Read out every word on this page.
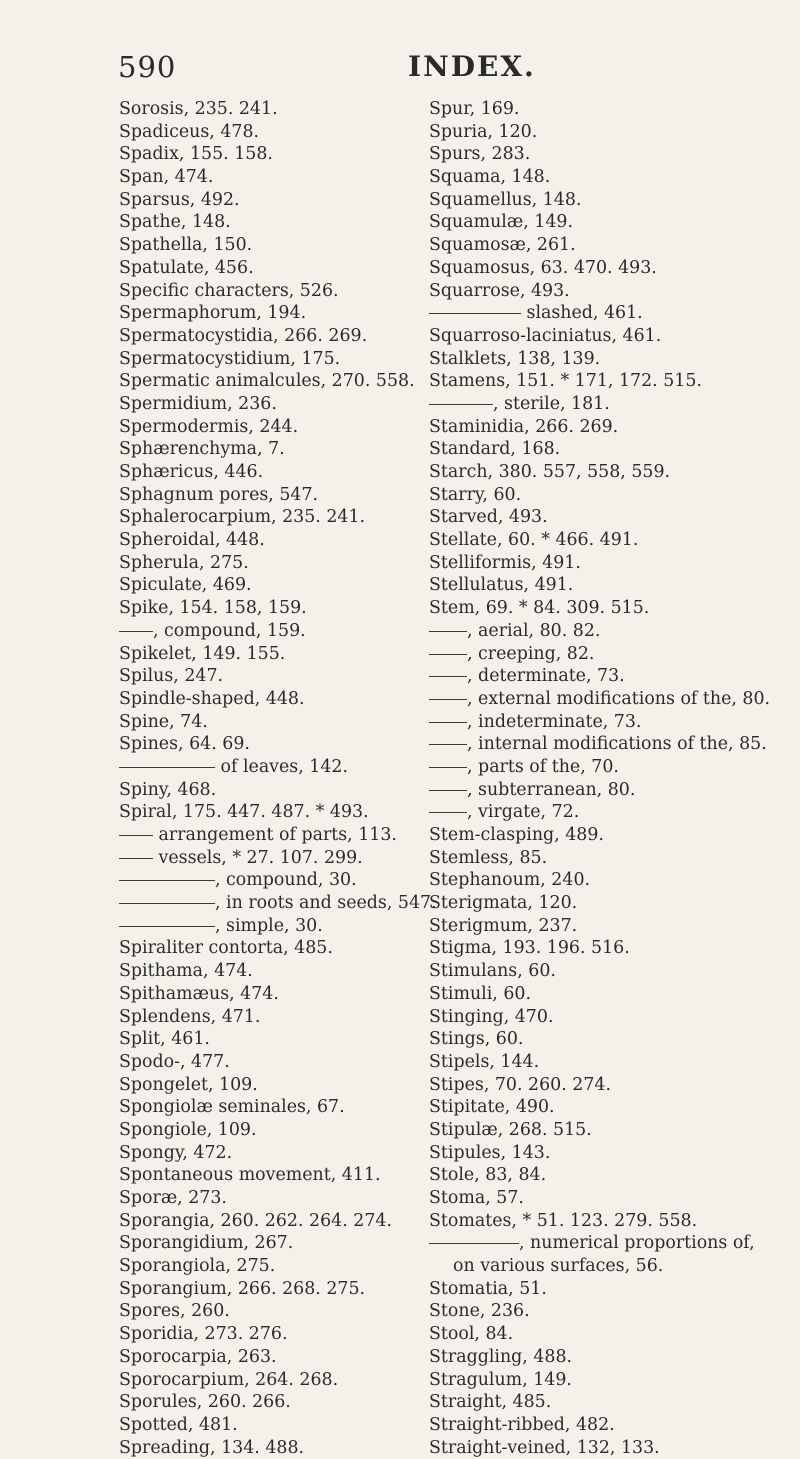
590	INDEX.
Sorosis, 235. 241.
Spadiceus, 478.
Spadix, 155. 158.
Span, 474.
Sparsus, 492.
Spathe, 148.
Spathella, 150.
Spatulate, 456.
Specific characters, 526.
Spermaphorum, 194.
Spermatocystidia, 266. 269.
Spermatocystidium, 175.
Spermatic animalcules, 270. 558.
Spermidium, 236.
Spermodermis, 244.
Sphærenchyma, 7.
Sphæricus, 446.
Sphagnum pores, 547.
Sphalerocarpium, 235. 241.
Spheroidal, 448.
Spherula, 275.
Spiculate, 469.
Spike, 154. 158, 159.
, compound, 159.
Spikelet, 149. 155.
Spilus, 247.
Spindle-shaped, 448.
Spine, 74.
Spines, 64. 69.
of leaves, 142.
Spiny, 468.
Spiral, 175. 447. 487. * 493.
arrangement of parts, 113.
vessels, * 27. 107. 299.
, compound, 30.
, in roots and seeds, 547.
, simple, 30.
Spiraliter contorta, 485.
Spithama, 474.
Spithamæus, 474.
Splendens, 471.
Split, 461.
Spodo-, 477.
Spongelet, 109.
Spongiolæ seminales, 67.
Spongiole, 109.
Spongy, 472.
Spontaneous movement, 411.
Sporæ, 273.
Sporangia, 260. 262. 264. 274.
Sporangidium, 267.
Sporangiola, 275.
Sporangium, 266. 268. 275.
Spores, 260.
Sporidia, 273. 276.
Sporocarpia, 263.
Sporocarpium, 264. 268.
Sporules, 260. 266.
Spotted, 481.
Spreading, 134. 488.
Spur, 169.
Spuria, 120.
Spurs, 283.
Squama, 148.
Squamellus, 148.
Squamulæ, 149.
Squamosæ, 261.
Squamosus, 63. 470. 493.
Squarrose, 493.
slashed, 461.
Squarroso-laciniatus, 461.
Stalklets, 138, 139.
Stamens, 151. * 171, 172. 515.
, sterile, 181.
Staminidia, 266. 269.
Standard, 168.
Starch, 380. 557, 558, 559.
Starry, 60.
Starved, 493.
Stellate, 60. * 466. 491.
Stelliformis, 491.
Stellulatus, 491.
Stem, 69. * 84. 309. 515.
, aerial, 80. 82.
, creeping, 82.
, determinate, 73.
, external modifications of the, 80.
, indeterminate, 73.
, internal modifications of the, 85.
, parts of the, 70.
, subterranean, 80.
, virgate, 72.
Stem-clasping, 489.
Stemless, 85.
Stephanoum, 240.
Sterigmata, 120.
Sterigmum, 237.
Stigma, 193. 196. 516.
Stimulans, 60.
Stimuli, 60.
Stinging, 470.
Stings, 60.
Stipels, 144.
Stipes, 70. 260. 274.
Stipitate, 490.
Stipulæ, 268. 515.
Stipules, 143.
Stole, 83, 84.
Stoma, 57.
Stomates, * 51. 123. 279. 558.
, numerical proportions of,
on various surfaces, 56.
Stomatia, 51.
Stone, 236.
Stool, 84.
Straggling, 488.
Stragulum, 149.
Straight, 485.
Straight-ribbed, 482.
Straight-veined, 132, 133.
